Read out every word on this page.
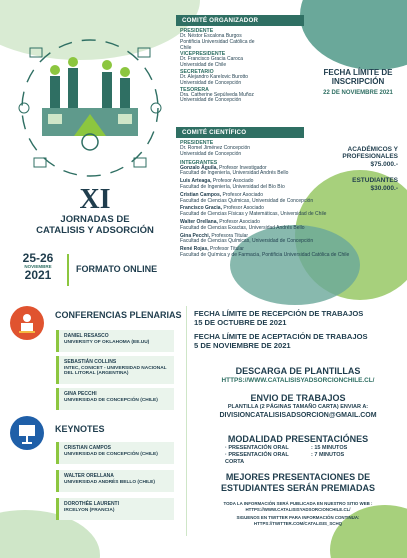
XI
JORNADAS DE
CATALISIS Y ADSORCIÓN
25-26
NOVIEMBRE
2021	FORMATO ONLINE
COMITÉ ORGANIZADOR
PRESIDENTE
Dr. Néstor Escalona Burgos
Pontificia Universidad Católica de
Chile
VICEPRESIDENTE
Dr. Francisco Gracia Caroca
Universidad de Chile
SECRETARIO
Dr. Alejandro Karelovic Burotto
Universidad de Concepción
TESORERA
Dra. Catherine Sepúlveda Muñoz
Universidad de Concepción
COMITÉ CIENTÍFICO
PRESIDENTE
Dr. Romel Jiménez Concepción
Universidad de Concepción
INTEGRANTES
Gonzalo Águila, Profesor Investigador
Facultad de Ingeniería, Universidad Andrés Bello
Luis Arteaga, Profesor Asociado
Facultad de Ingeniería, Universidad del Bío Bío
Cristian Campos, Profesor Asociado
Facultad de Ciencias Químicas, Universidad de Concepción
Francisco Gracia, Profesor Asociado
Facultad de Ciencias Físicas y Matemáticas, Universidad de Chile
Walter Orellana, Profesor Asociado
Facultad de Ciencias Exactas, Universidad Andrés Bello
Gina Pecchi, Profesora Titular
Facultad de Ciencias Químicas, Universidad de Concepción
René Rojas, Profesor Titular
Facultad de Química y de Farmacia, Pontificia Universidad Católica de Chile
FECHA LÍMITE DE
INSCRIPCIÓN
22 DE NOVIEMBRE 2021
ACADÉMICOS Y
PROFESIONALES
$75.000.-
ESTUDIANTES
$30.000.-
CONFERENCIAS PLENARIAS
DANIEL RESASCO
UNIVERSITY OF OKLAHOMA (EE.UU)
SEBASTIÁN COLLINS
INTEC, CONICET - UNIVERSIDAD NACIONAL DEL LITORAL (ARGENTINA)
GINA PECCHI
UNIVERSIDAD DE CONCEPCIÓN (CHILE)
KEYNOTES
CRISTIAN CAMPOS
UNIVERSIDAD DE CONCEPCIÓN (CHILE)
WALTER ORELLANA
UNIVERSIDAD ANDRÉS BELLO (CHILE)
DOROTHÉE LAURENTI
IRCELYON (FRANCIA)
FECHA LÍMITE DE RECEPCIÓN DE TRABAJOS
15 DE OCTUBRE DE 2021
FECHA LÍMITE DE ACEPTACIÓN DE TRABAJOS
5 DE NOVIEMBRE DE 2021
DESCARGA DE PLANTILLAS
HTTPS://WWW.CATALISISYADSORCIONCHILE.CL/
ENVIO DE TRABAJOS
PLANTILLA (2 PÁGINAS TAMAÑO CARTA) ENVIAR A:
DIVISIONCATALISISADSORCION@GMAIL.COM
MODALIDAD PRESENTACIÓNES
· PRESENTACIÓN ORAL	: 15 MINUTOS
· PRESENTACIÓN ORAL CORTA
: 7 MINUTOS
MEJORES PRESENTACIONES DE
ESTUDIANTES SERÁN PREMIADAS
TODA LA INFORMACIÓN SERÁ PUBLICADA EN NUESTRO SITIO WEB :
HTTPS://WWW.CATALISISYADSORCIONCHILE.CL/
SIGUENOS EN TWITTER PARA INFORMACIÓN CONTINUA:
HTTPS://TWITTER.COM/CATALISIS_SCHQ
